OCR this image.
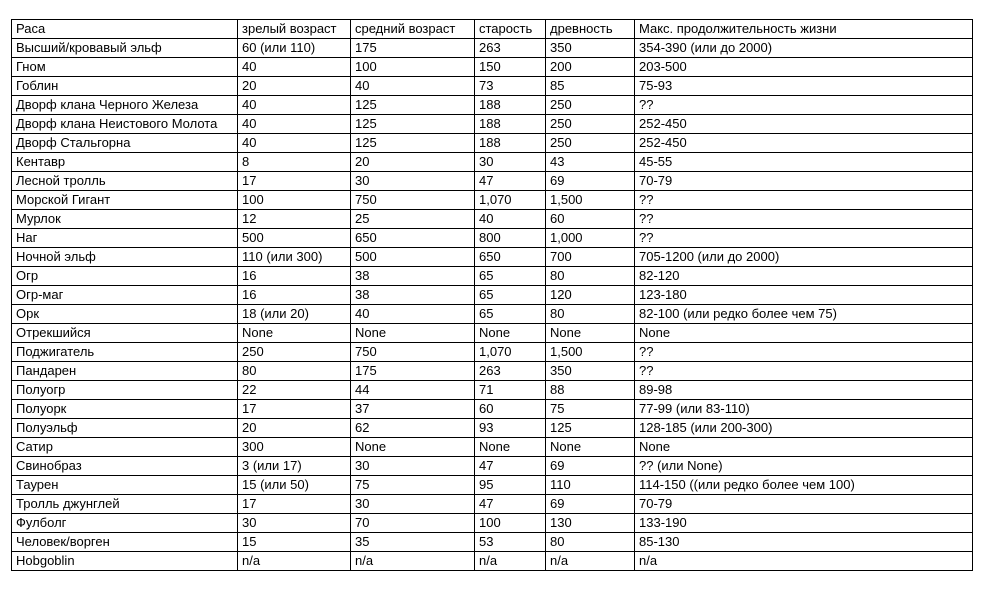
Раса	зрелый возраст	средний возраст	старость	древность	Макс. продолжительность жизни
Высший/кровавый эльф	60 (или 110)	175	263	350	354-390 (или до 2000)
Гном	40	100	150	200	203-500
Гоблин	20	40	73	85	75-93
Дворф клана Черного Железа	40	125	188	250	??
Дворф клана Неистового Молота	40	125	188	250	252-450
Дворф Стальгорна	40	125	188	250	252-450
Кентавр	8	20	30	43	45-55
Лесной тролль	17	30	47	69	70-79
Морской Гигант	100	750	1,070	1,500	??
Мурлок	12	25	40	60	??
Наг	500	650	800	1,000	??
Ночной эльф	110 (или 300)	500	650	700	705-1200 (или до 2000)
Огр	16	38	65	80	82-120
Огр-маг	16	38	65	120	123-180
Орк	18 (или 20)	40	65	80	82-100 (или редко более чем 75)
Отрекшийся	None	None	None	None	None
Поджигатель	250	750	1,070	1,500	??
Пандарен	80	175	263	350	??
Полуогр	22	44	71	88	89-98
Полуорк	17	37	60	75	77-99 (или 83-110)
Полуэльф	20	62	93	125	128-185 (или 200-300)
Сатир	300	None	None	None	None
Свинобраз	3 (или 17)	30	47	69	?? (или None)
Таурен	15 (или 50)	75	95	110	114-150 ((или редко более чем 100)
Тролль джунглей	17	30	47	69	70-79
Фулболг	30	70	100	130	133-190
Человек/ворген	15	35	53	80	85-130
Hobgoblin	n/a	n/a	n/a	n/a	n/a
